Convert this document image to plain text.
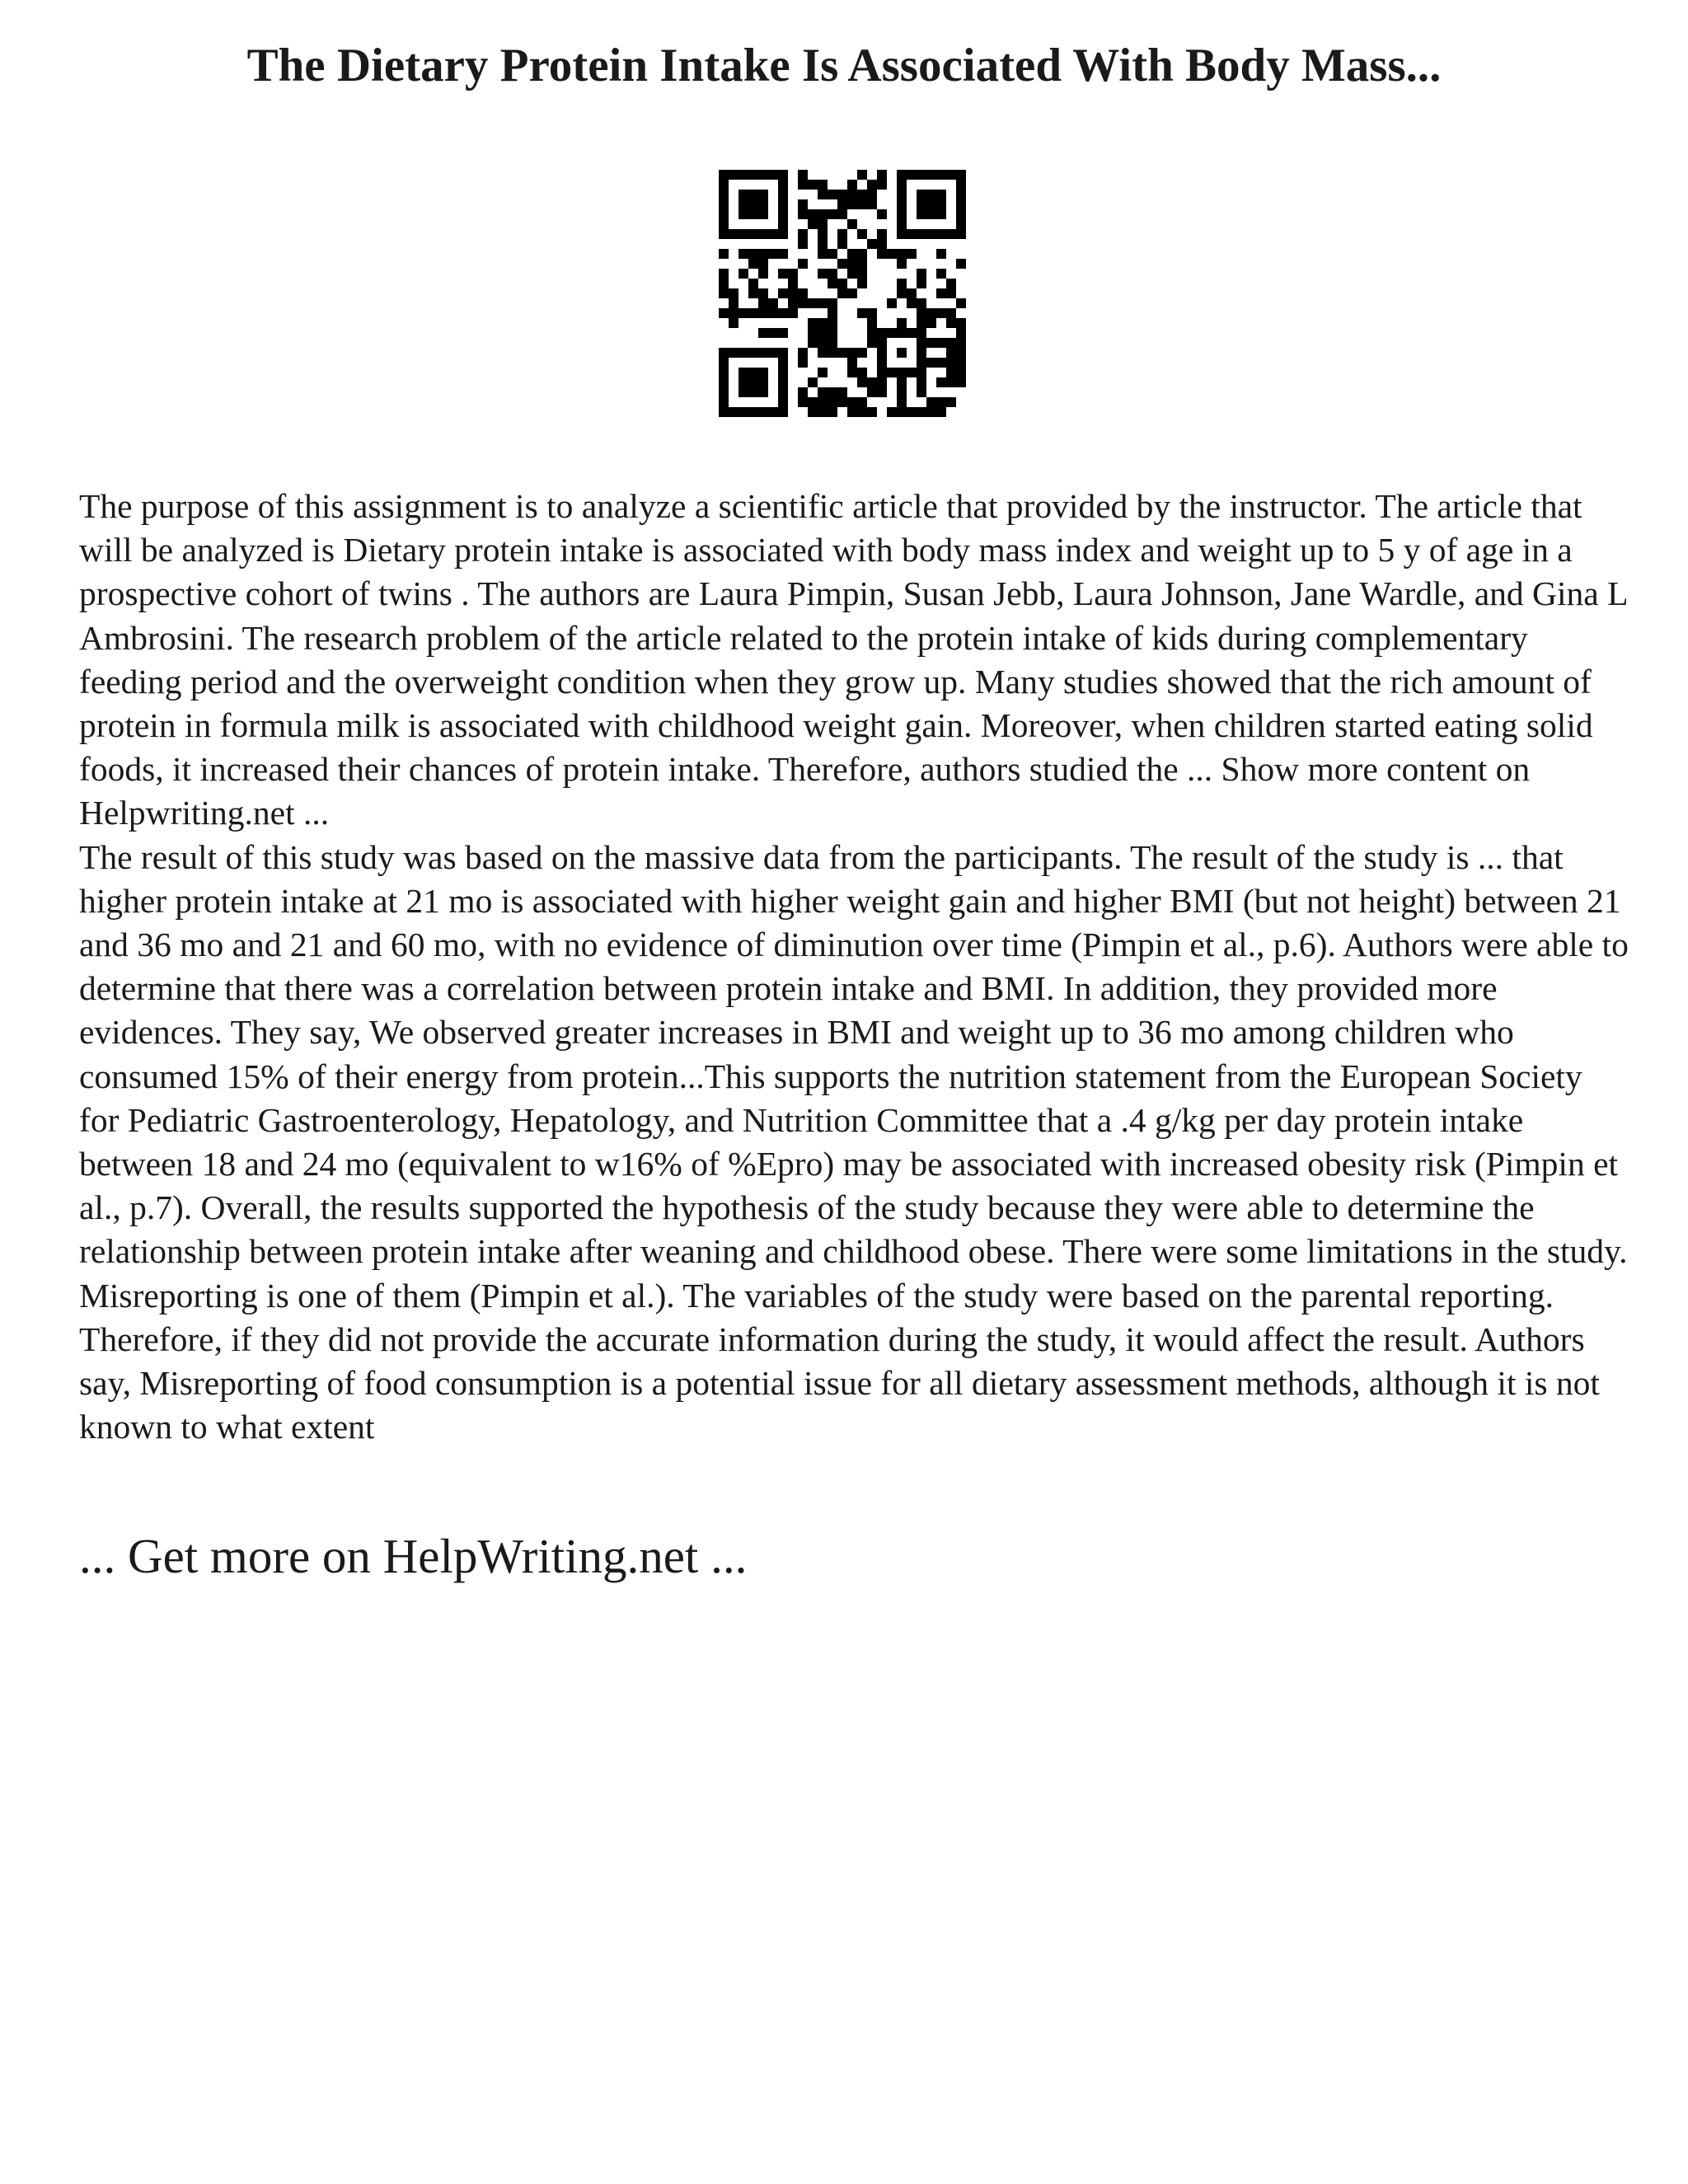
The Dietary Protein Intake Is Associated With Body Mass...

The purpose of this assignment is to analyze a scientific article that provided by the instructor. The article that will be analyzed is Dietary protein intake is associated with body mass index and weight up to 5 y of age in a prospective cohort of twins . The authors are Laura Pimpin, Susan Jebb, Laura Johnson, Jane Wardle, and Gina L Ambrosini. The research problem of the article related to the protein intake of kids during complementary feeding period and the overweight condition when they grow up. Many studies showed that the rich amount of protein in formula milk is associated with childhood weight gain. Moreover, when children started eating solid foods, it increased their chances of protein intake. Therefore, authors studied the ... Show more content on Helpwriting.net ...

The result of this study was based on the massive data from the participants. The result of the study is ... that higher protein intake at 21 mo is associated with higher weight gain and higher BMI (but not height) between 21 and 36 mo and 21 and 60 mo, with no evidence of diminution over time (Pimpin et al., p.6). Authors were able to determine that there was a correlation between protein intake and BMI. In addition, they provided more evidences. They say, We observed greater increases in BMI and weight up to 36 mo among children who consumed 15% of their energy from protein...This supports the nutrition statement from the European Society for Pediatric Gastroenterology, Hepatology, and Nutrition Committee that a .4 g/kg per day protein intake between 18 and 24 mo (equivalent to w16% of %Epro) may be associated with increased obesity risk (Pimpin et al., p.7). Overall, the results supported the hypothesis of the study because they were able to determine the relationship between protein intake after weaning and childhood obese. There were some limitations in the study. Misreporting is one of them (Pimpin et al.). The variables of the study were based on the parental reporting. Therefore, if they did not provide the accurate information during the study, it would affect the result. Authors say, Misreporting of food consumption is a potential issue for all dietary assessment methods, although it is not known to what extent

... Get more on HelpWriting.net ...
